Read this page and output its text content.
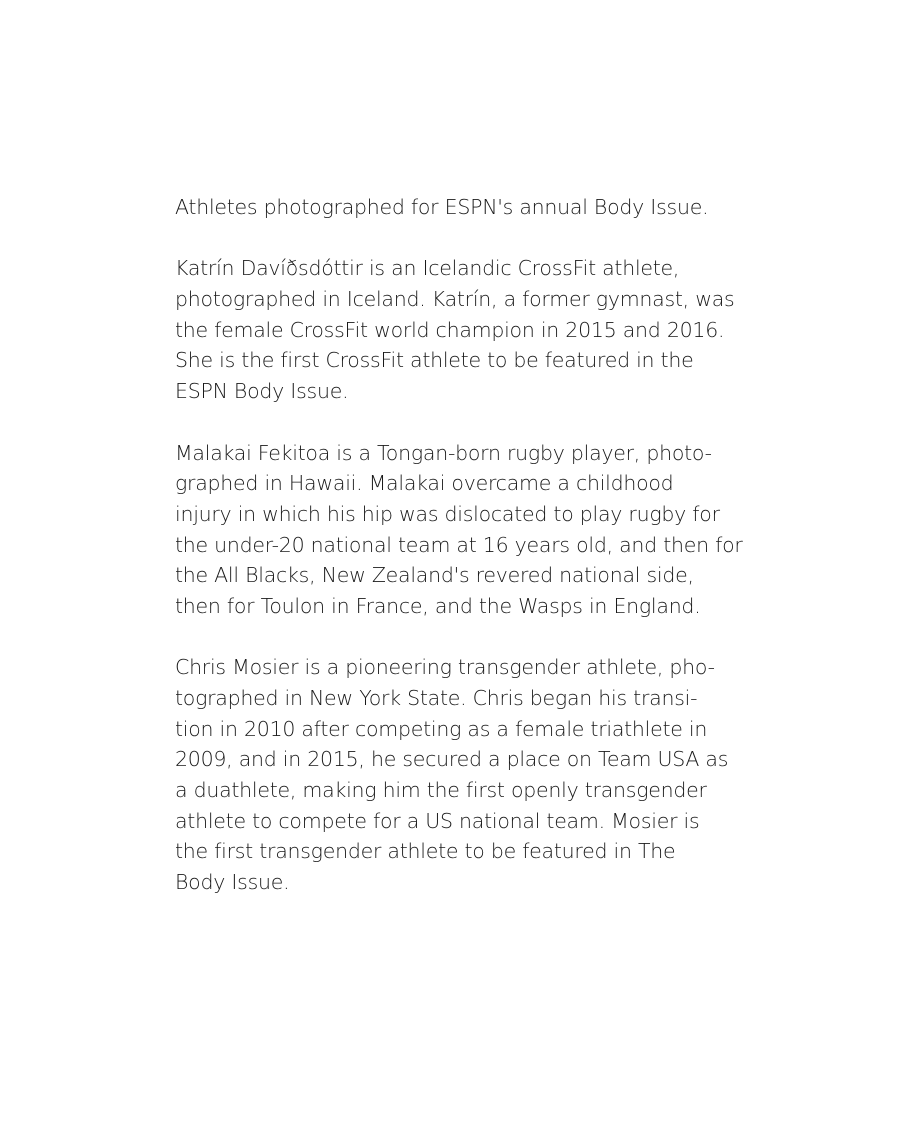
Athletes photographed for ESPN's annual Body Issue.
Katrín Davíðsdóttir is an Icelandic CrossFit athlete,
photographed in Iceland. Katrín, a former gymnast, was
the female CrossFit world champion in 2015 and 2016.
She is the first CrossFit athlete to be featured in the
ESPN Body Issue.
Malakai Fekitoa is a Tongan-born rugby player, photo-
graphed in Hawaii. Malakai overcame a childhood
injury in which his hip was dislocated to play rugby for
the under-20 national team at 16 years old, and then for
the All Blacks, New Zealand's revered national side,
then for Toulon in France, and the Wasps in England.
Chris Mosier is a pioneering transgender athlete, pho-
tographed in New York State. Chris began his transi-
tion in 2010 after competing as a female triathlete in
2009, and in 2015, he secured a place on Team USA as
a duathlete, making him the first openly transgender
athlete to compete for a US national team. Mosier is
the first transgender athlete to be featured in The
Body Issue.
